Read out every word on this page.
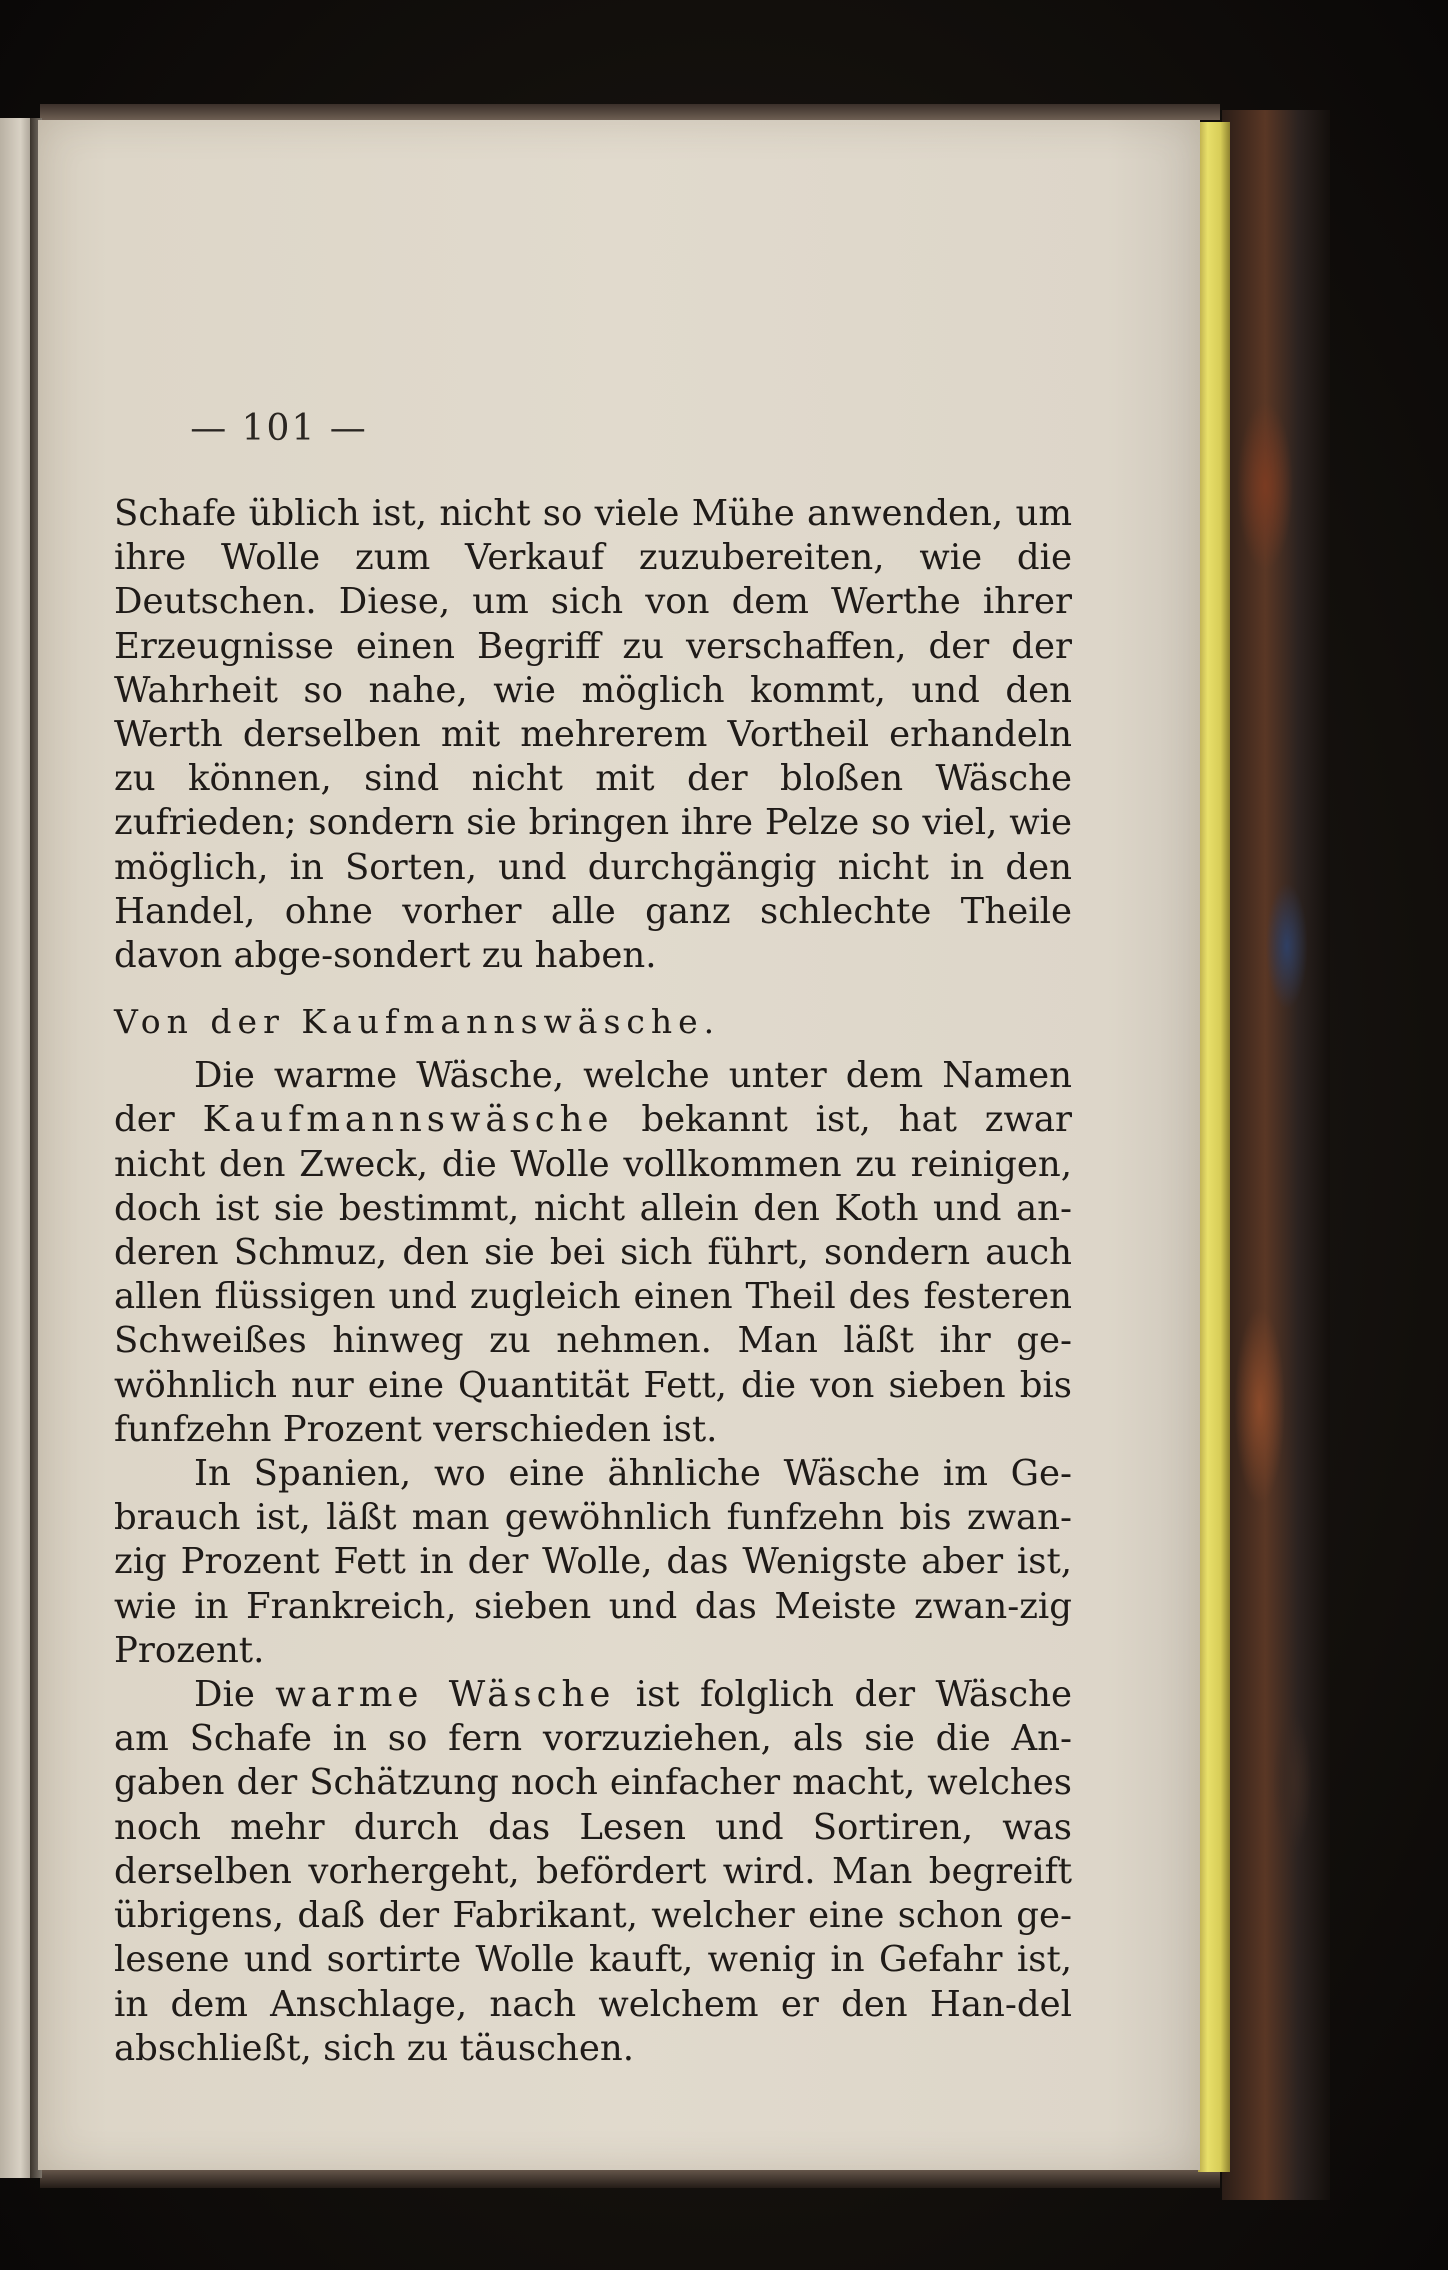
— 101 —

Schafe üblich ist, nicht so viele Mühe anwenden, um ihre Wolle zum Verkauf zuzubereiten, wie die Deutschen. Diese, um sich von dem Werthe ihrer Erzeugnisse einen Begriff zu verschaffen, der der Wahrheit so nahe, wie möglich kommt, und den Werth derselben mit mehrerem Vortheil erhandeln zu können, sind nicht mit der bloßen Wäsche zufrieden; sondern sie bringen ihre Pelze so viel, wie möglich, in Sorten, und durchgängig nicht in den Handel, ohne vorher alle ganz schlechte Theile davon abge-sondert zu haben.

Von der Kaufmannswäsche.

Die warme Wäsche, welche unter dem Namen der Kaufmannswäsche bekannt ist, hat zwar nicht den Zweck, die Wolle vollkommen zu reinigen, doch ist sie bestimmt, nicht allein den Koth und an-deren Schmuz, den sie bei sich führt, sondern auch allen flüssigen und zugleich einen Theil des festeren Schweißes hinweg zu nehmen. Man läßt ihr ge-wöhnlich nur eine Quantität Fett, die von sieben bis funfzehn Prozent verschieden ist.

In Spanien, wo eine ähnliche Wäsche im Ge-brauch ist, läßt man gewöhnlich funfzehn bis zwan-zig Prozent Fett in der Wolle, das Wenigste aber ist, wie in Frankreich, sieben und das Meiste zwan-zig Prozent.

Die warme Wäsche ist folglich der Wäsche am Schafe in so fern vorzuziehen, als sie die An-gaben der Schätzung noch einfacher macht, welches noch mehr durch das Lesen und Sortiren, was derselben vorhergeht, befördert wird. Man begreift übrigens, daß der Fabrikant, welcher eine schon ge-lesene und sortirte Wolle kauft, wenig in Gefahr ist, in dem Anschlage, nach welchem er den Han-del abschließt, sich zu täuschen.
